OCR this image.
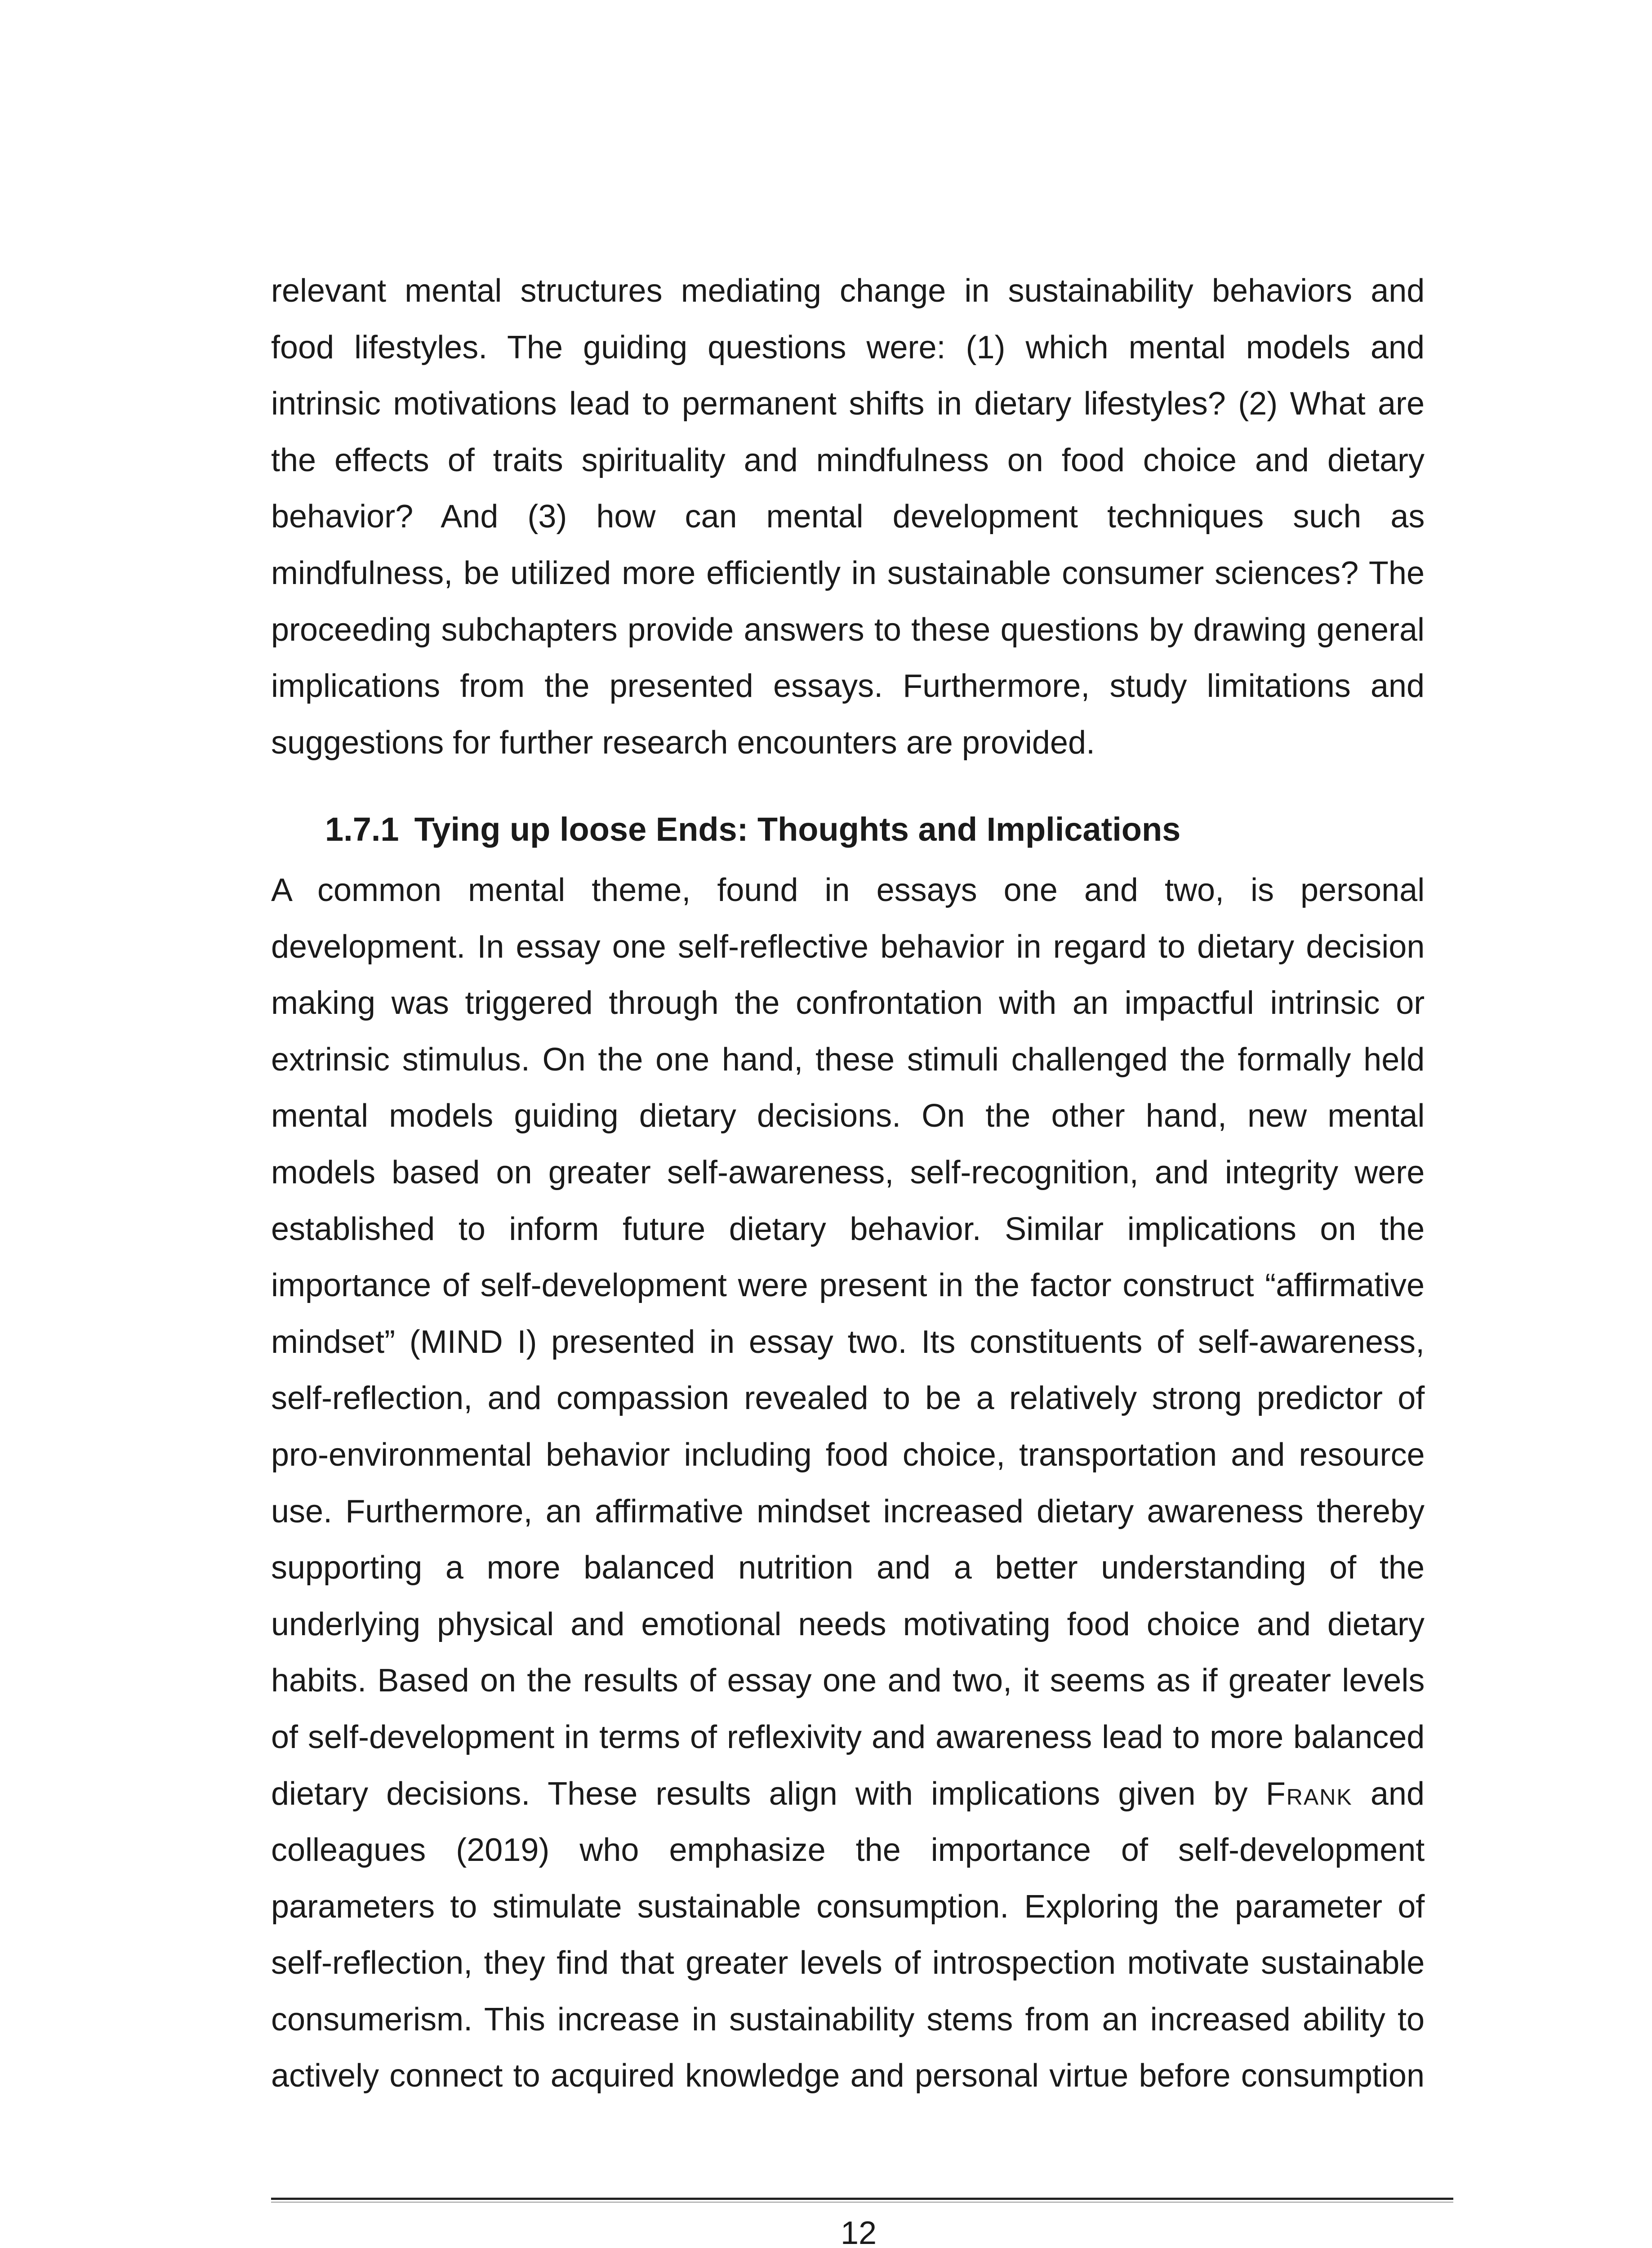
relevant mental structures mediating change in sustainability behaviors and
food lifestyles. The guiding questions were: (1) which mental models and
intrinsic motivations lead to permanent shifts in dietary lifestyles? (2) What are
the effects of traits spirituality and mindfulness on food choice and dietary
behavior? And (3) how can mental development techniques such as
mindfulness, be utilized more efficiently in sustainable consumer sciences? The
proceeding subchapters provide answers to these questions by drawing general
implications from the presented essays. Furthermore, study limitations and
suggestions for further research encounters are provided.
1.7.1 Tying up loose Ends: Thoughts and Implications
A common mental theme, found in essays one and two, is personal
development. In essay one self-reflective behavior in regard to dietary decision
making was triggered through the confrontation with an impactful intrinsic or
extrinsic stimulus. On the one hand, these stimuli challenged the formally held
mental models guiding dietary decisions. On the other hand, new mental
models based on greater self-awareness, self-recognition, and integrity were
established to inform future dietary behavior. Similar implications on the
importance of self-development were present in the factor construct “affirmative
mindset” (MIND I) presented in essay two. Its constituents of self-awareness,
self-reflection, and compassion revealed to be a relatively strong predictor of
pro-environmental behavior including food choice, transportation and resource
use. Furthermore, an affirmative mindset increased dietary awareness thereby
supporting a more balanced nutrition and a better understanding of the
underlying physical and emotional needs motivating food choice and dietary
habits. Based on the results of essay one and two, it seems as if greater levels
of self-development in terms of reflexivity and awareness lead to more balanced
dietary decisions. These results align with implications given by Frank and
colleagues (2019) who emphasize the importance of self-development
parameters to stimulate sustainable consumption. Exploring the parameter of
self-reflection, they find that greater levels of introspection motivate sustainable
consumerism. This increase in sustainability stems from an increased ability to
actively connect to acquired knowledge and personal virtue before consumption
12
